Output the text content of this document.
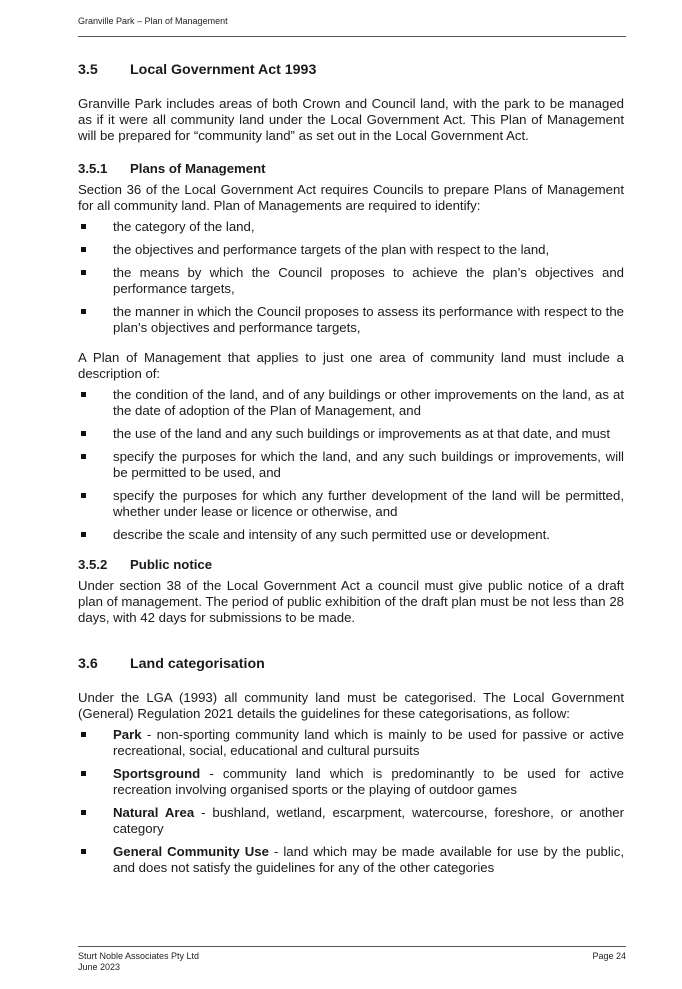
Granville Park – Plan of Management
3.5	Local Government Act 1993

Granville Park includes areas of both Crown and Council land, with the park to be managed as if it were all community land under the Local Government Act. This Plan of Management will be prepared for “community land” as set out in the Local Government Act.

3.5.1	Plans of Management

Section 36 of the Local Government Act requires Councils to prepare Plans of Management for all community land. Plan of Managements are required to identify:

the category of the land,
the objectives and performance targets of the plan with respect to the land,
the means by which the Council proposes to achieve the plan’s objectives and performance targets,
the manner in which the Council proposes to assess its performance with respect to the plan’s objectives and performance targets,

A Plan of Management that applies to just one area of community land must include a description of:

the condition of the land, and of any buildings or other improvements on the land, as at the date of adoption of the Plan of Management, and
the use of the land and any such buildings or improvements as at that date, and must
specify the purposes for which the land, and any such buildings or improvements, will be permitted to be used, and
specify the purposes for which any further development of the land will be permitted, whether under lease or licence or otherwise, and
describe the scale and intensity of any such permitted use or development.
3.5.2	Public notice

Under section 38 of the Local Government Act a council must give public notice of a draft plan of management. The period of public exhibition of the draft plan must be not less than 28 days, with 42 days for submissions to be made.

3.6	Land categorisation

Under the LGA (1993) all community land must be categorised. The Local Government (General) Regulation 2021 details the guidelines for these categorisations, as follow:

Park - non-sporting community land which is mainly to be used for passive or active recreational, social, educational and cultural pursuits
Sportsground - community land which is predominantly to be used for active recreation involving organised sports or the playing of outdoor games
Natural Area - bushland, wetland, escarpment, watercourse, foreshore, or another category
General Community Use - land which may be made available for use by the public, and does not satisfy the guidelines for any of the other categories
Sturt Noble Associates Pty Ltd
June 2023
Page 24
